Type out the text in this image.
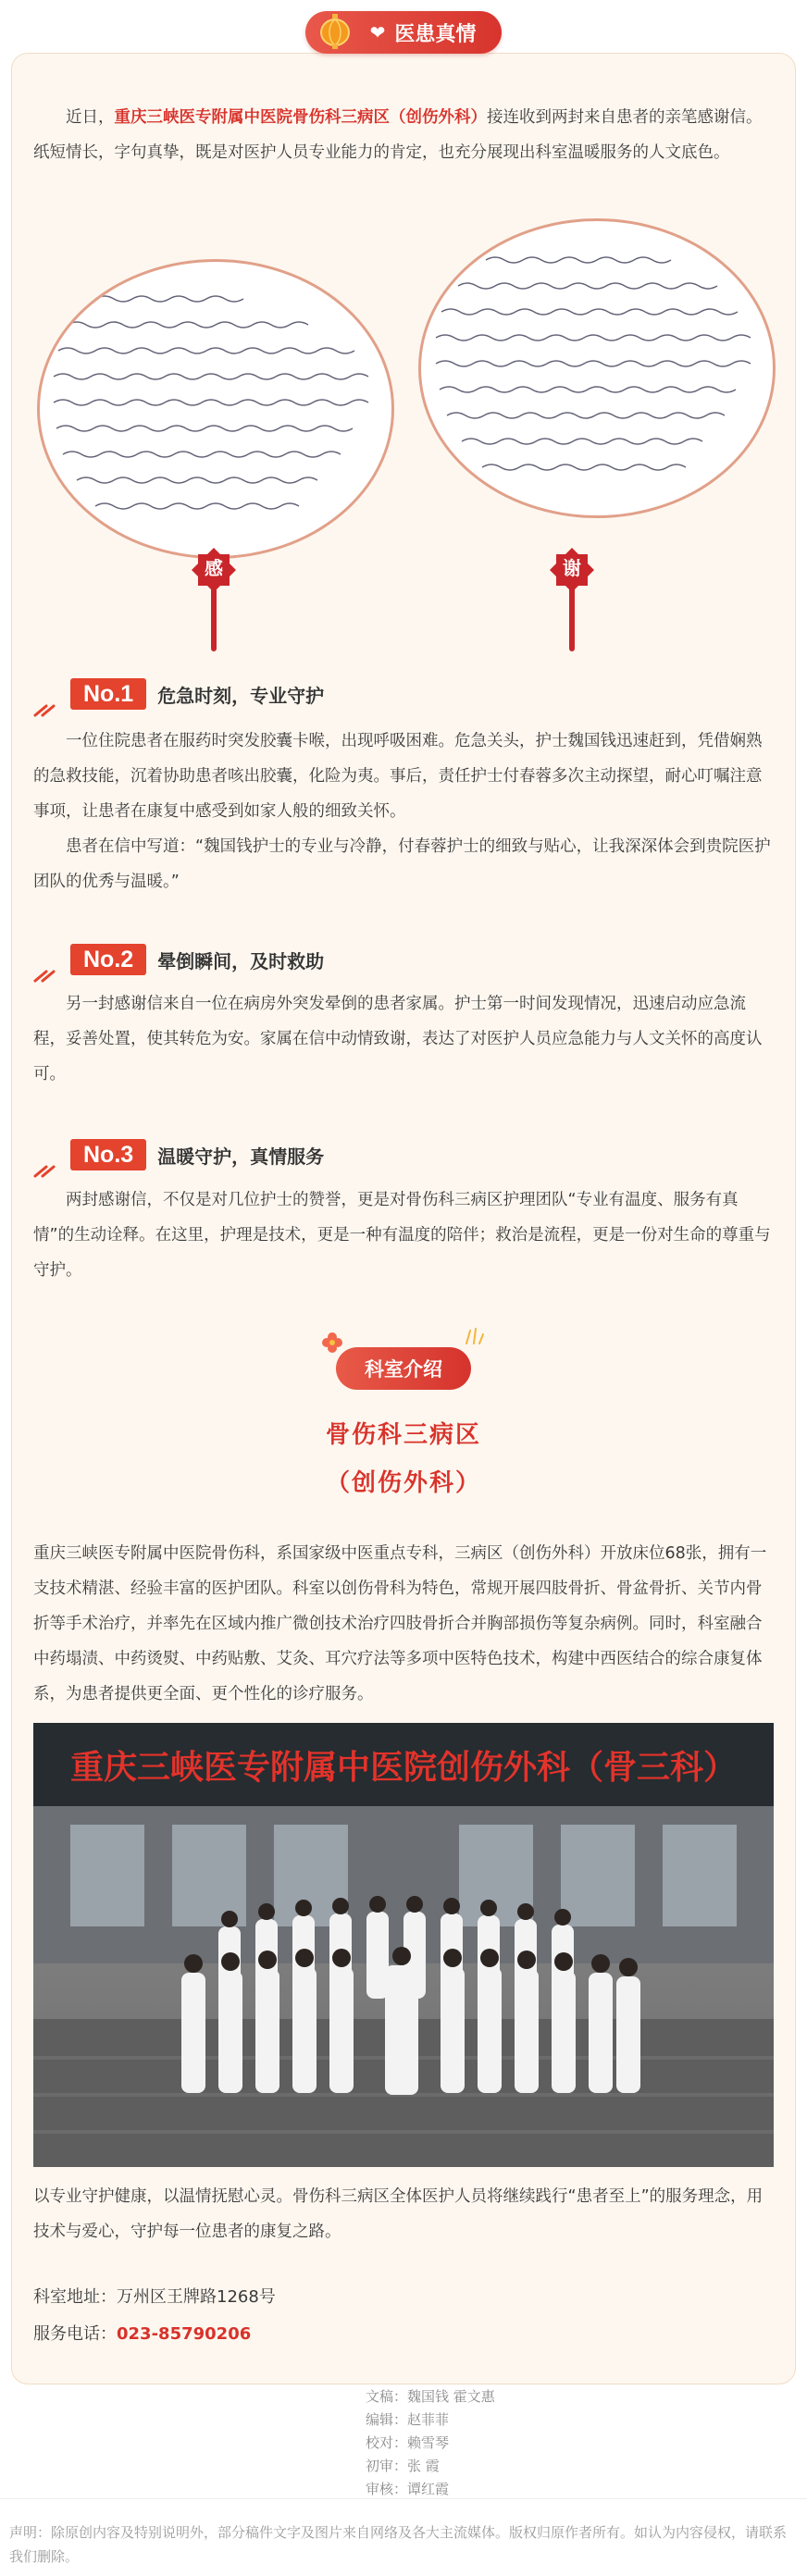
❤ 医患真情

近日，重庆三峡医专附属中医院骨伤科三病区（创伤外科）接连收到两封来自患者的亲笔感谢信。纸短情长，字句真挚，既是对医护人员专业能力的肯定，也充分展现出科室温暖服务的人文底色。

感	谢
No.1	危急时刻，专业守护

一位住院患者在服药时突发胶囊卡喉，出现呼吸困难。危急关头，护士魏国钱迅速赶到，凭借娴熟的急救技能，沉着协助患者咳出胶囊，化险为夷。事后，责任护士付春蓉多次主动探望，耐心叮嘱注意事项，让患者在康复中感受到如家人般的细致关怀。

患者在信中写道：“魏国钱护士的专业与冷静，付春蓉护士的细致与贴心，让我深深体会到贵院医护团队的优秀与温暖。”

No.2	晕倒瞬间，及时救助

另一封感谢信来自一位在病房外突发晕倒的患者家属。护士第一时间发现情况，迅速启动应急流程，妥善处置，使其转危为安。家属在信中动情致谢，表达了对医护人员应急能力与人文关怀的高度认可。

No.3	温暖守护，真情服务

两封感谢信，不仅是对几位护士的赞誉，更是对骨伤科三病区护理团队“专业有温度、服务有真情”的生动诠释。在这里，护理是技术，更是一种有温度的陪伴；救治是流程，更是一份对生命的尊重与守护。

科室介绍
骨伤科三病区
（创伤外科）

重庆三峡医专附属中医院骨伤科，系国家级中医重点专科，三病区（创伤外科）开放床位68张，拥有一支技术精湛、经验丰富的医护团队。科室以创伤骨科为特色，常规开展四肢骨折、骨盆骨折、关节内骨折等手术治疗，并率先在区域内推广微创技术治疗四肢骨折合并胸部损伤等复杂病例。同时，科室融合中药塌渍、中药烫熨、中药贴敷、艾灸、耳穴疗法等多项中医特色技术，构建中西医结合的综合康复体系，为患者提供更全面、更个性化的诊疗服务。

重庆三峡医专附属中医院创伤外科（骨三科）

以专业守护健康，以温情抚慰心灵。骨伤科三病区全体医护人员将继续践行“患者至上”的服务理念，用技术与爱心，守护每一位患者的康复之路。

科室地址：万州区王牌路1268号
服务电话：023-85790206
文稿： 魏国钱 霍文惠
编辑： 赵菲菲
校对： 赖雪琴
初审： 张 霞
审核： 谭红霞
声明：除原创内容及特别说明外，部分稿件文字及图片来自网络及各大主流媒体。版权归原作者所有。如认为内容侵权，请联系我们删除。
